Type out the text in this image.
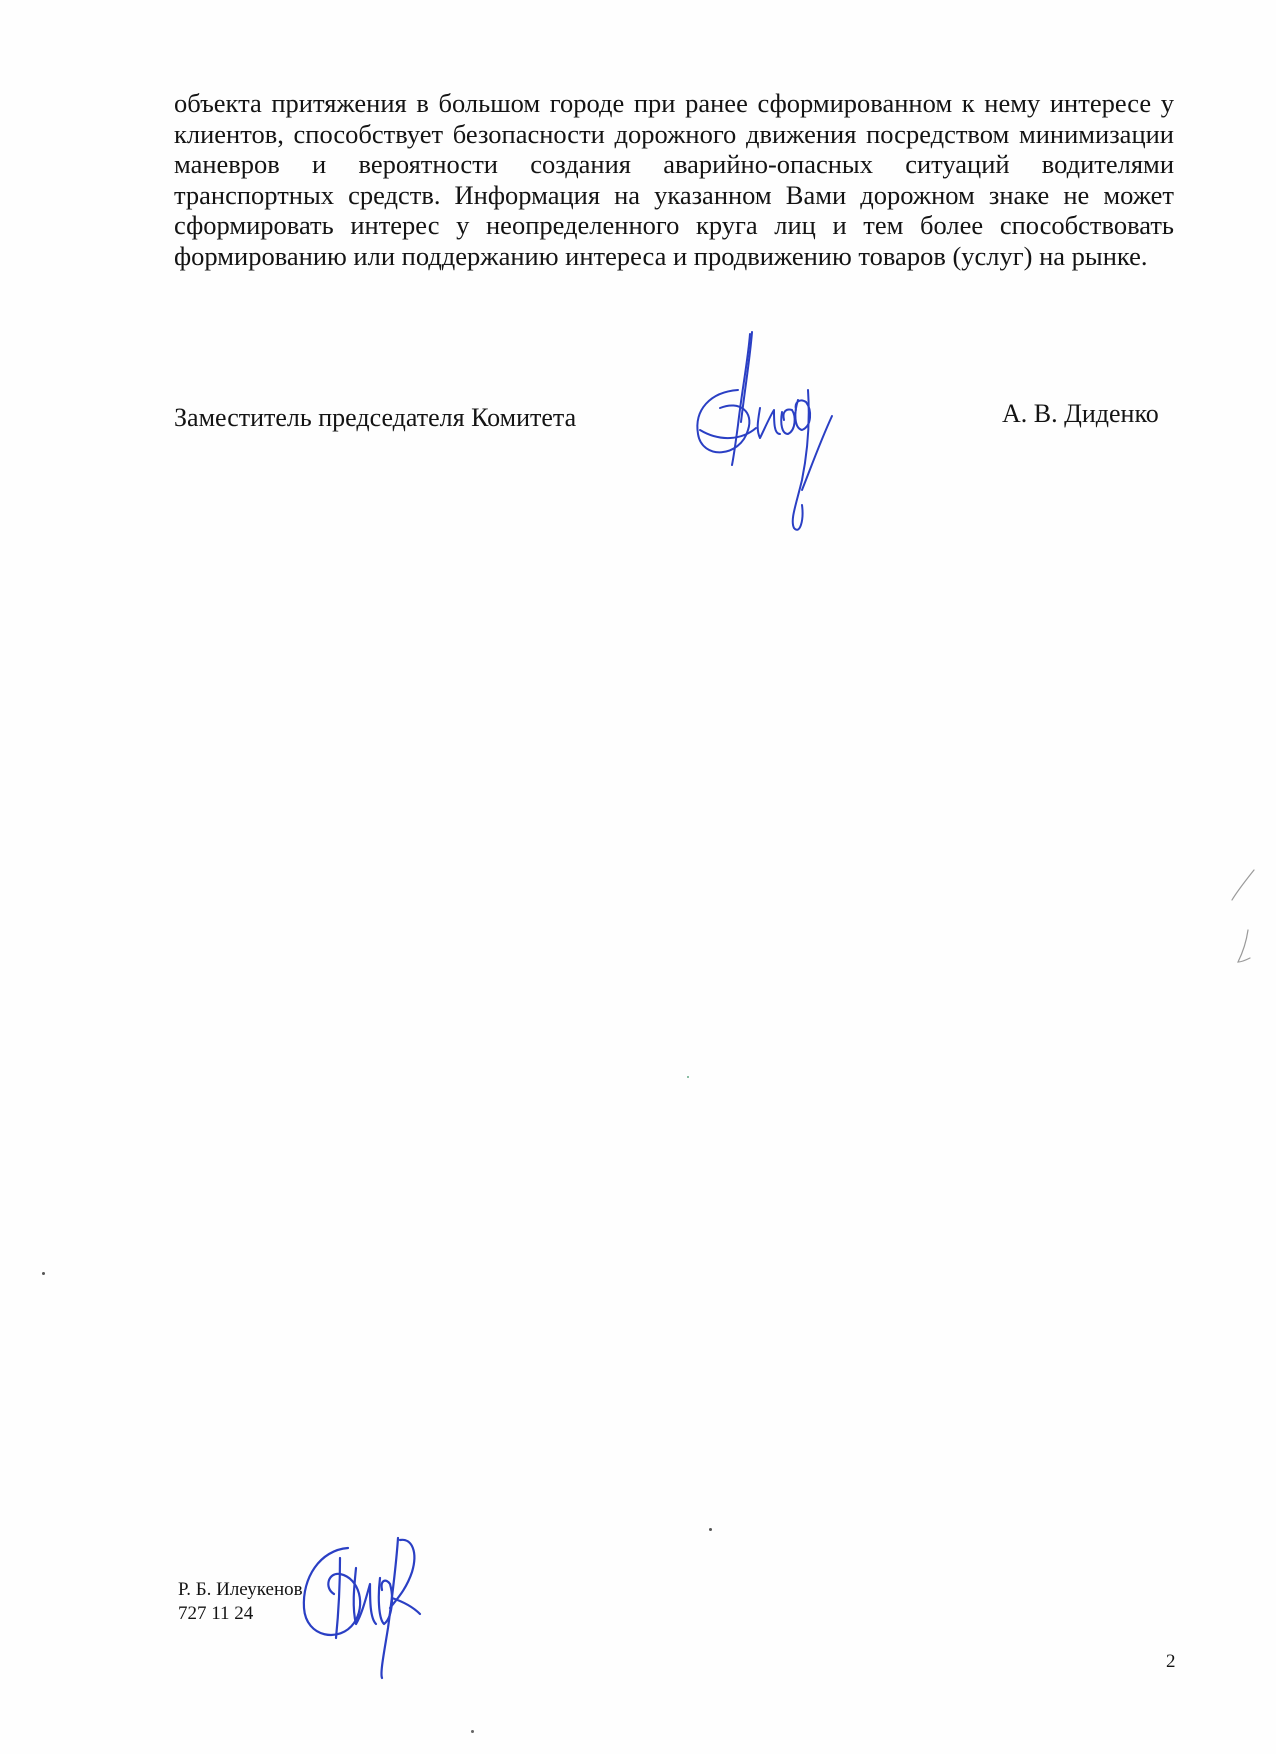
объекта притяжения в большом городе при ранее сформированном к нему интересе у клиентов, способствует безопасности дорожного движения посредством минимизации маневров и вероятности создания аварийно-опасных ситуаций водителями транспортных средств. Информация на указанном Вами дорожном знаке не может сформировать интерес у неопределенного круга лиц и тем более способствовать формированию или поддержанию интереса и продвижению товаров (услуг) на рынке.

Заместитель председателя Комитета	А. В. Диденко
Р. Б. Илеукенов
727 11 24
2
